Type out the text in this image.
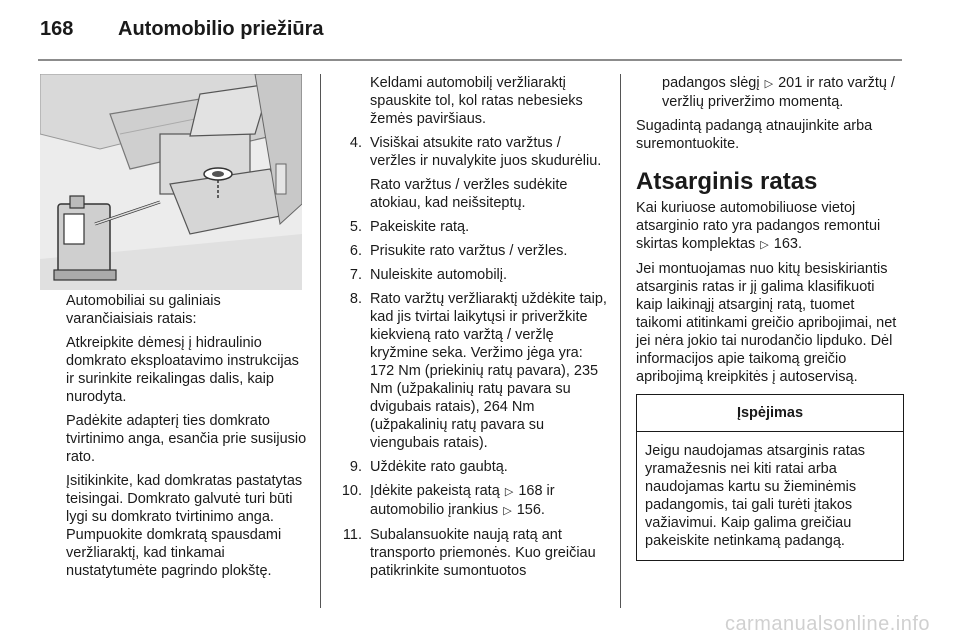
168 Automobilio priežiūra

Automobiliai su galiniais varančiaisiais ratais:

Atkreipkite dėmesį į hidraulinio domkrato eksploatavimo instrukcijas ir surinkite reikalingas dalis, kaip nurodyta.

Padėkite adapterį ties domkrato tvirtinimo anga, esančia prie susijusio rato.

Įsitikinkite, kad domkratas pastatytas teisingai. Domkrato galvutė turi būti lygi su domkrato tvirtinimo anga. Pumpuokite domkratą spausdami veržliaraktį, kad tinkamai nustatytumėte pagrindo plokštę.

Keldami automobilį veržliaraktį spauskite tol, kol ratas nebesieks žemės paviršiaus.

4. Visiškai atsukite rato varžtus / veržles ir nuvalykite juos skudurėliu.
Rato varžtus / veržles sudėkite atokiau, kad neišsiteptų.
5. Pakeiskite ratą.
6. Prisukite rato varžtus / veržles.
7. Nuleiskite automobilį.
8. Rato varžtų veržliaraktį uždėkite taip, kad jis tvirtai laikytųsi ir priveržkite kiekvieną rato varžtą / veržlę kryžmine seka. Veržimo jėga yra: 172 Nm (priekinių ratų pavara), 235 Nm (užpakalinių ratų pavara su dvigubais ratais), 264 Nm (užpakalinių ratų pavara su viengubais ratais).
9. Uždėkite rato gaubtą.
10. Įdėkite pakeistą ratą ▷ 168 ir automobilio įrankius ▷ 156.
11. Subalansuokite naują ratą ant transporto priemonės. Kuo greičiau patikrinkite sumontuotos

padangos slėgį ▷ 201 ir rato varžtų / veržlių priveržimo momentą.

Sugadintą padangą atnaujinkite arba suremontuokite.

Atsarginis ratas

Kai kuriuose automobiliuose vietoj atsarginio rato yra padangos remontui skirtas komplektas ▷ 163.

Jei montuojamas nuo kitų besiskiriantis atsarginis ratas ir jį galima klasifikuoti kaip laikinąjį atsarginį ratą, tuomet taikomi atitinkami greičio apribojimai, net jei nėra jokio tai nurodančio lipduko. Dėl informacijos apie taikomą greičio apribojimą kreipkitės į autoservisą.

Įspėjimas
Jeigu naudojamas atsarginis ratas yramažesnis nei kiti ratai arba naudojamas kartu su žieminėmis padangomis, tai gali turėti įtakos važiavimui. Kaip galima greičiau pakeiskite netinkamą padangą.
carmanualsonline.info
